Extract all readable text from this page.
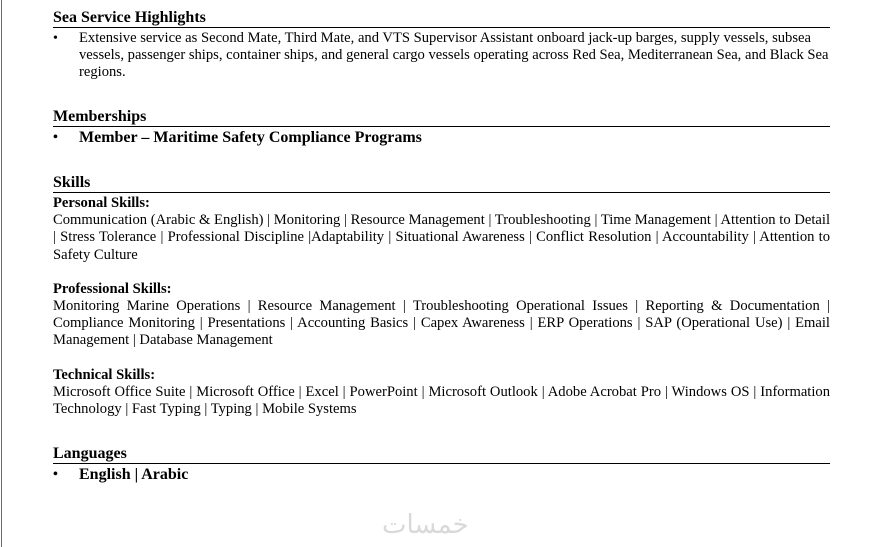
Sea Service Highlights
• Extensive service as Second Mate, Third Mate, and VTS Supervisor Assistant onboard jack-up barges, supply vessels, subsea vessels, passenger ships, container ships, and general cargo vessels operating across Red Sea, Mediterranean Sea, and Black Sea regions.
Memberships
• Member – Maritime Safety Compliance Programs
Skills

Personal Skills:

Communication (Arabic & English) | Monitoring | Resource Management | Troubleshooting | Time Management | Attention to Detail | Stress Tolerance | Professional Discipline |Adaptability | Situational Awareness | Conflict Resolution | Accountability | Attention to Safety Culture

Professional Skills:

Monitoring Marine Operations | Resource Management | Troubleshooting Operational Issues | Reporting & Documentation | Compliance Monitoring | Presentations | Accounting Basics | Capex Awareness | ERP Operations | SAP (Operational Use) | Email Management | Database Management

Technical Skills:

Microsoft Office Suite | Microsoft Office | Excel | PowerPoint | Microsoft Outlook | Adobe Acrobat Pro | Windows OS | Information Technology | Fast Typing | Typing | Mobile Systems

Languages
• English | Arabic
خمسات
